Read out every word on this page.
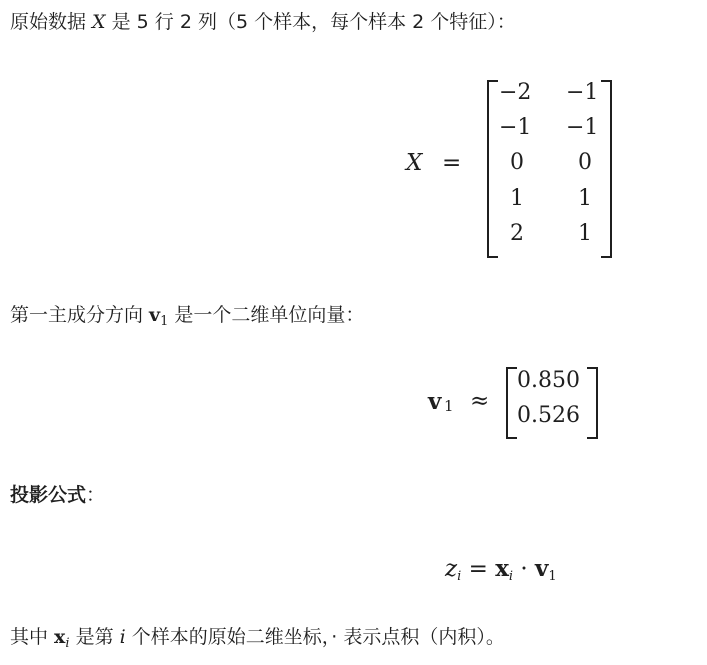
原始数据 X 是 5 行 2 列（5 个样本，每个样本 2 个特征）：
X =
−2 −1
−1 −1
0 0
1 1
2 1
第一主成分方向 $v_1$ 是一个二维单位向量：
v 1 ≈
0.850
0.526
投影公式：
zi = xi · $v_1$
其中 $x_i$ 是第 i 个样本的原始二维坐标，· 表示点积（内积）。
